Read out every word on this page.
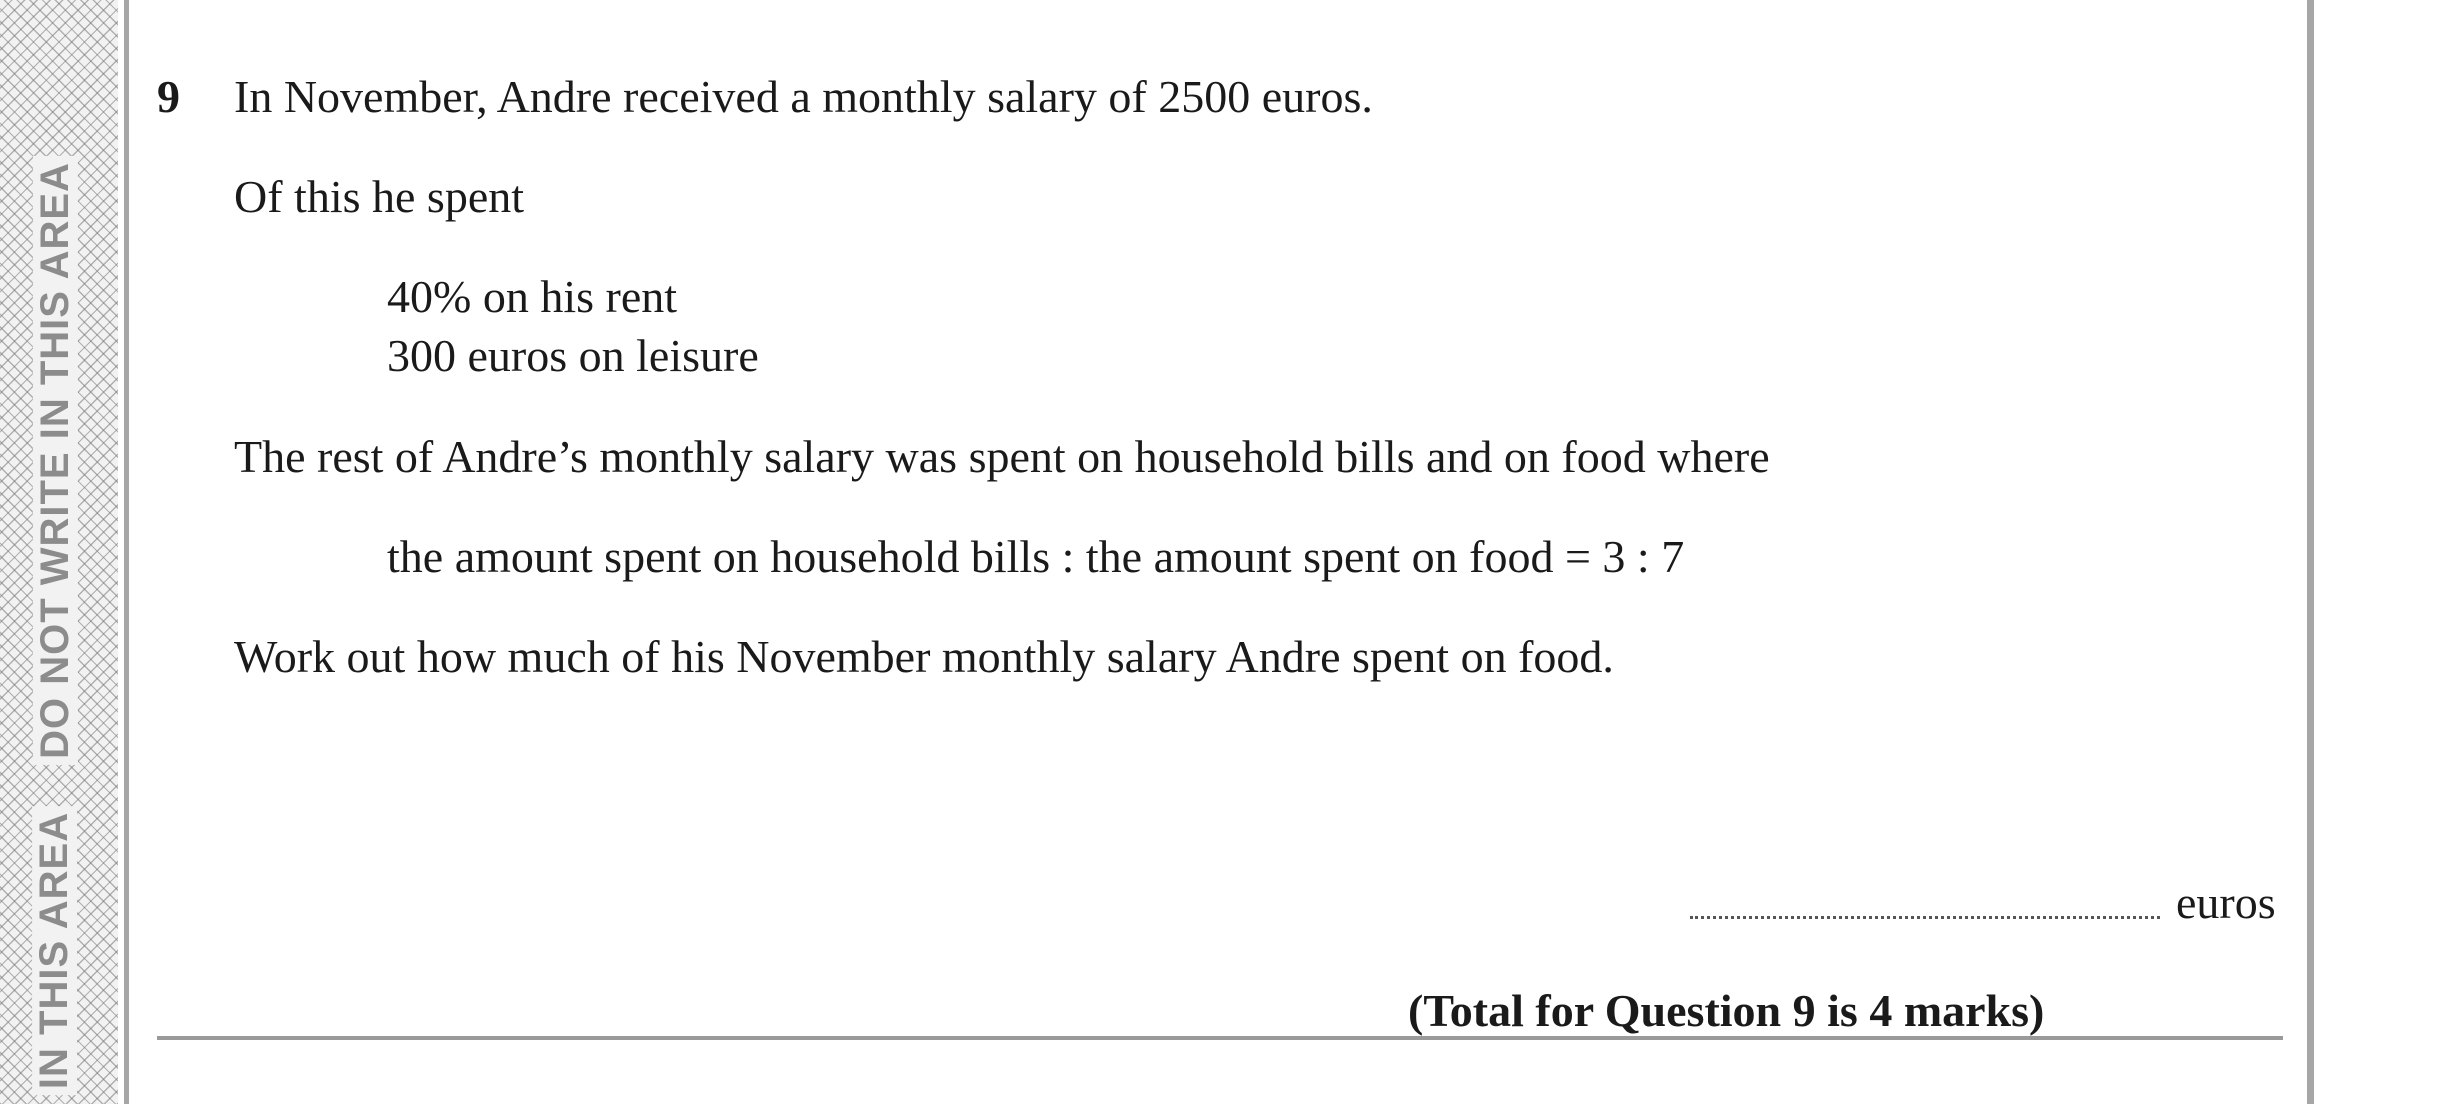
DO NOT WRITE IN THIS AREA
IN THIS AREA
9 In November, Andre received a monthly salary of 2500 euros.
Of this he spent
40% on his rent
300 euros on leisure
The rest of Andre’s monthly salary was spent on household bills and on food where
the amount spent on household bills : the amount spent on food = 3 : 7
Work out how much of his November monthly salary Andre spent on food.
euros
(Total for Question 9 is 4 marks)
